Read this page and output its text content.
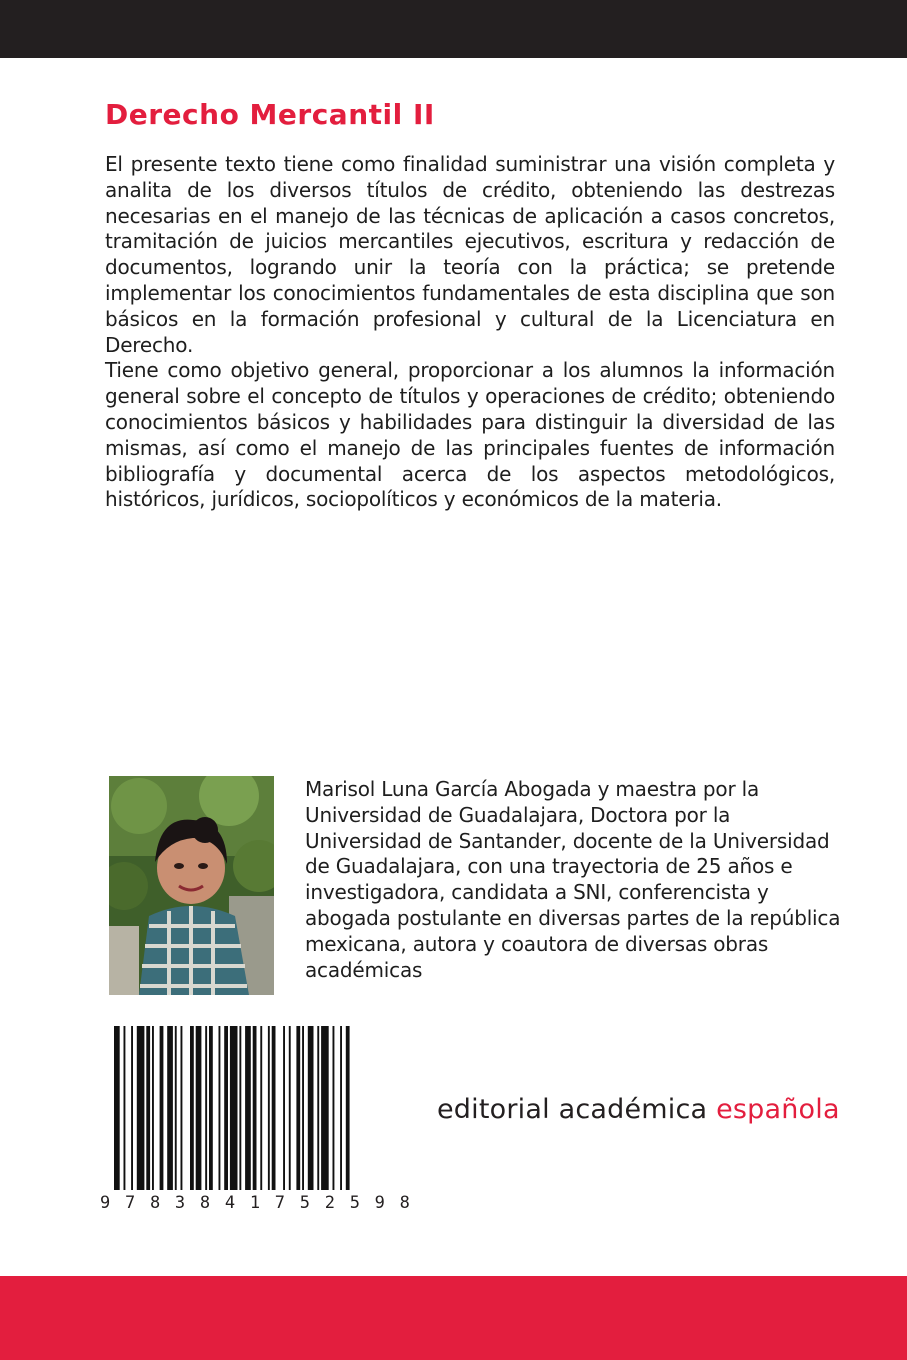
Derecho Mercantil II

El presente texto tiene como finalidad suministrar una visión completa y analita de los diversos títulos de crédito, obteniendo las destrezas necesarias en el manejo de las técnicas de aplicación a casos concretos, tramitación de juicios mercantiles ejecutivos, escritura y redacción de documentos, logrando unir la teoría con la práctica; se pretende implementar los conocimientos fundamentales de esta disciplina que son básicos en la formación profesional y cultural de la Licenciatura en Derecho.

Tiene como objetivo general, proporcionar a los alumnos la información general sobre el concepto de títulos y operaciones de crédito; obteniendo conocimientos básicos y habilidades para distinguir la diversidad de las mismas, así como el manejo de las principales fuentes de información bibliografía y documental acerca de los aspectos metodológicos, históricos, jurídicos, sociopolíticos y económicos de la materia.

Marisol Luna García Abogada y maestra por la Universidad de Guadalajara, Doctora por la Universidad de Santander, docente de la Universidad de Guadalajara, con una trayectoria de 25 años e investigadora, candidata a SNI, conferencista y abogada postulante en diversas partes de la república mexicana, autora y coautora de diversas obras académicas
9 7 8 3 8 4 1 7 5 2 5 9 8
editorial académica española
